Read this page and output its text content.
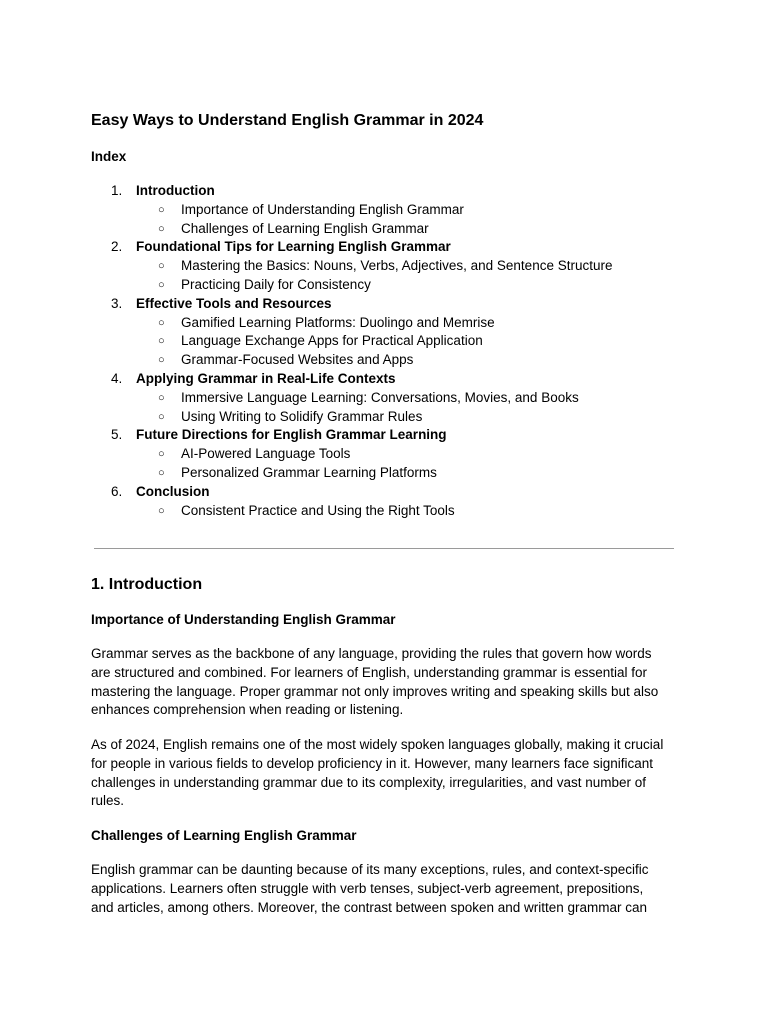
Easy Ways to Understand English Grammar in 2024
Index
1.	Introduction
○ Importance of Understanding English Grammar
○ Challenges of Learning English Grammar
2.	Foundational Tips for Learning English Grammar
○ Mastering the Basics: Nouns, Verbs, Adjectives, and Sentence Structure
○ Practicing Daily for Consistency
3.	Effective Tools and Resources
○ Gamified Learning Platforms: Duolingo and Memrise
○ Language Exchange Apps for Practical Application
○ Grammar-Focused Websites and Apps
4.	Applying Grammar in Real-Life Contexts
○ Immersive Language Learning: Conversations, Movies, and Books
○ Using Writing to Solidify Grammar Rules
5.	Future Directions for English Grammar Learning
○ AI-Powered Language Tools
○ Personalized Grammar Learning Platforms
6.	Conclusion
○ Consistent Practice and Using the Right Tools
1. Introduction
Importance of Understanding English Grammar

Grammar serves as the backbone of any language, providing the rules that govern how words
are structured and combined. For learners of English, understanding grammar is essential for
mastering the language. Proper grammar not only improves writing and speaking skills but also
enhances comprehension when reading or listening.

As of 2024, English remains one of the most widely spoken languages globally, making it crucial
for people in various fields to develop proficiency in it. However, many learners face significant
challenges in understanding grammar due to its complexity, irregularities, and vast number of
rules.

Challenges of Learning English Grammar

English grammar can be daunting because of its many exceptions, rules, and context-specific
applications. Learners often struggle with verb tenses, subject-verb agreement, prepositions,
and articles, among others. Moreover, the contrast between spoken and written grammar can
